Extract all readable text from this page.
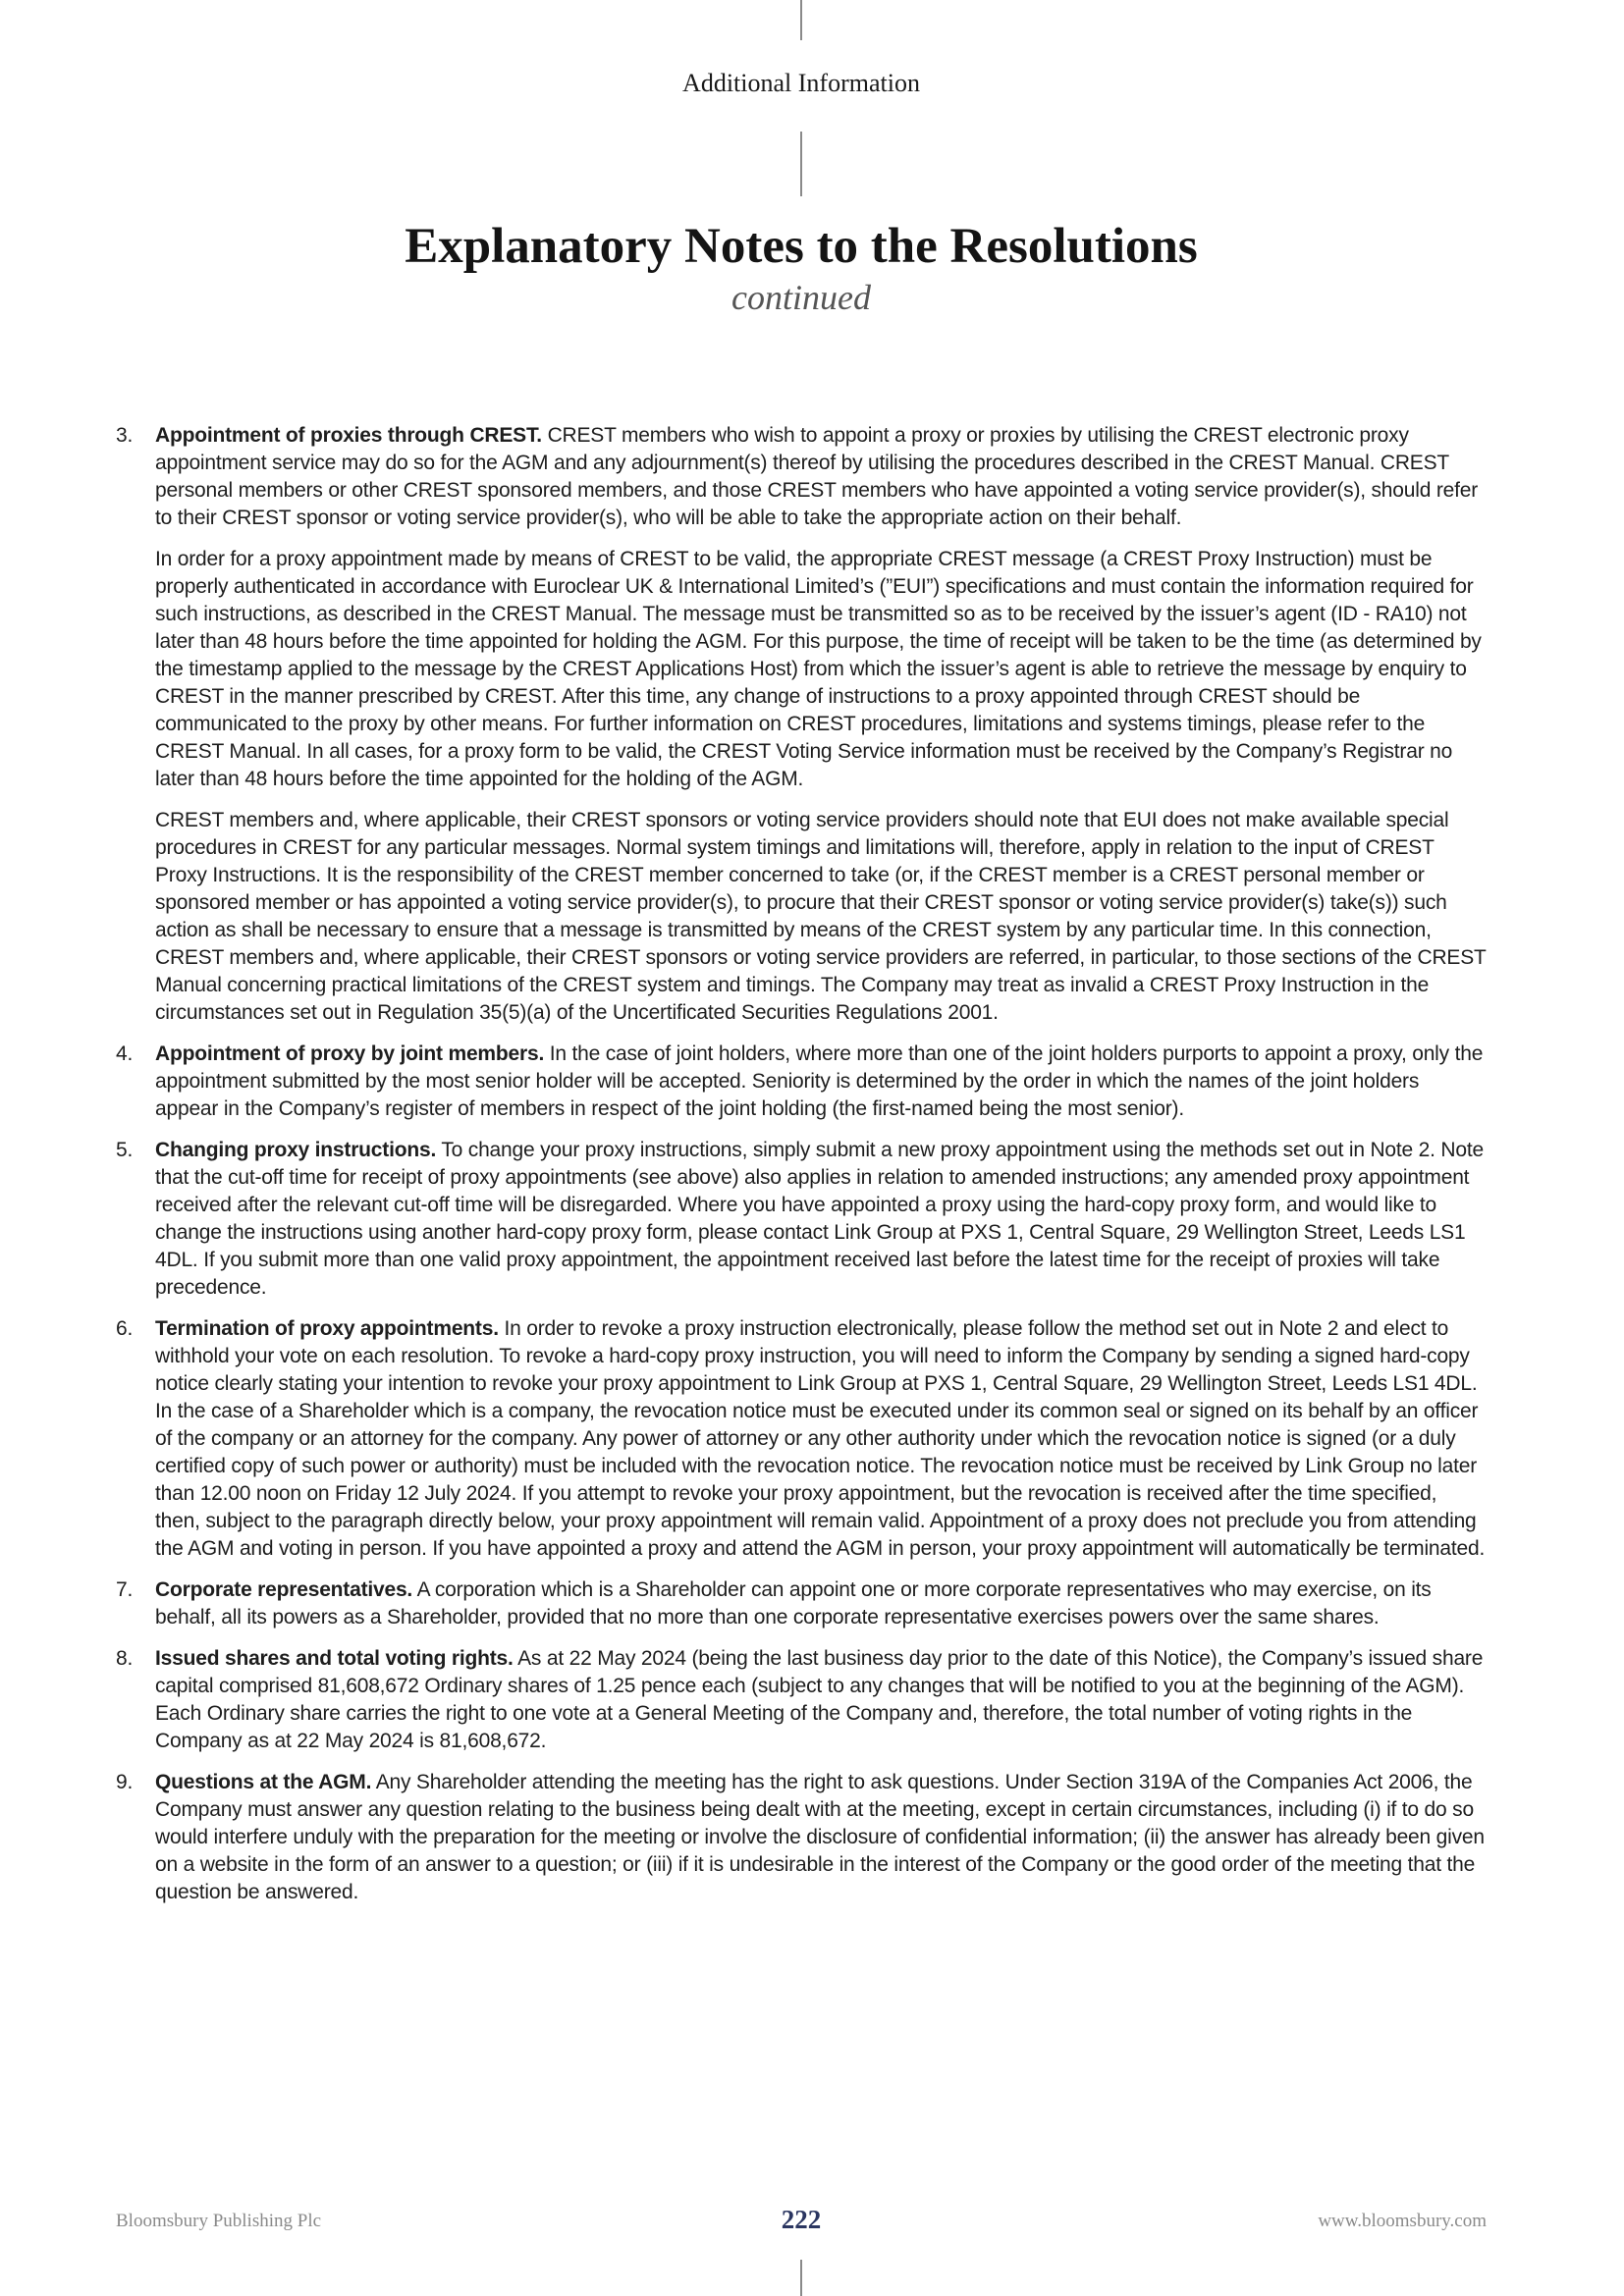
Additional Information
Explanatory Notes to the Resolutions
continued
3. Appointment of proxies through CREST. CREST members who wish to appoint a proxy or proxies by utilising the CREST electronic proxy appointment service may do so for the AGM and any adjournment(s) thereof by utilising the procedures described in the CREST Manual. CREST personal members or other CREST sponsored members, and those CREST members who have appointed a voting service provider(s), should refer to their CREST sponsor or voting service provider(s), who will be able to take the appropriate action on their behalf.

In order for a proxy appointment made by means of CREST to be valid, the appropriate CREST message (a CREST Proxy Instruction) must be properly authenticated in accordance with Euroclear UK & International Limited’s (”EUI”) specifications and must contain the information required for such instructions, as described in the CREST Manual. The message must be transmitted so as to be received by the issuer’s agent (ID - RA10) not later than 48 hours before the time appointed for holding the AGM. For this purpose, the time of receipt will be taken to be the time (as determined by the timestamp applied to the message by the CREST Applications Host) from which the issuer’s agent is able to retrieve the message by enquiry to CREST in the manner prescribed by CREST. After this time, any change of instructions to a proxy appointed through CREST should be communicated to the proxy by other means. For further information on CREST procedures, limitations and systems timings, please refer to the CREST Manual. In all cases, for a proxy form to be valid, the CREST Voting Service information must be received by the Company’s Registrar no later than 48 hours before the time appointed for the holding of the AGM.

CREST members and, where applicable, their CREST sponsors or voting service providers should note that EUI does not make available special procedures in CREST for any particular messages. Normal system timings and limitations will, therefore, apply in relation to the input of CREST Proxy Instructions. It is the responsibility of the CREST member concerned to take (or, if the CREST member is a CREST personal member or sponsored member or has appointed a voting service provider(s), to procure that their CREST sponsor or voting service provider(s) take(s)) such action as shall be necessary to ensure that a message is transmitted by means of the CREST system by any particular time. In this connection, CREST members and, where applicable, their CREST sponsors or voting service providers are referred, in particular, to those sections of the CREST Manual concerning practical limitations of the CREST system and timings. The Company may treat as invalid a CREST Proxy Instruction in the circumstances set out in Regulation 35(5)(a) of the Uncertificated Securities Regulations 2001.

4. Appointment of proxy by joint members. In the case of joint holders, where more than one of the joint holders purports to appoint a proxy, only the appointment submitted by the most senior holder will be accepted. Seniority is determined by the order in which the names of the joint holders appear in the Company’s register of members in respect of the joint holding (the first-named being the most senior).

5. Changing proxy instructions. To change your proxy instructions, simply submit a new proxy appointment using the methods set out in Note 2. Note that the cut-off time for receipt of proxy appointments (see above) also applies in relation to amended instructions; any amended proxy appointment received after the relevant cut-off time will be disregarded. Where you have appointed a proxy using the hard-copy proxy form, and would like to change the instructions using another hard-copy proxy form, please contact Link Group at PXS 1, Central Square, 29 Wellington Street, Leeds LS1 4DL. If you submit more than one valid proxy appointment, the appointment received last before the latest time for the receipt of proxies will take precedence.

6. Termination of proxy appointments. In order to revoke a proxy instruction electronically, please follow the method set out in Note 2 and elect to withhold your vote on each resolution. To revoke a hard-copy proxy instruction, you will need to inform the Company by sending a signed hard-copy notice clearly stating your intention to revoke your proxy appointment to Link Group at PXS 1, Central Square, 29 Wellington Street, Leeds LS1 4DL. In the case of a Shareholder which is a company, the revocation notice must be executed under its common seal or signed on its behalf by an officer of the company or an attorney for the company. Any power of attorney or any other authority under which the revocation notice is signed (or a duly certified copy of such power or authority) must be included with the revocation notice. The revocation notice must be received by Link Group no later than 12.00 noon on Friday 12 July 2024. If you attempt to revoke your proxy appointment, but the revocation is received after the time specified, then, subject to the paragraph directly below, your proxy appointment will remain valid. Appointment of a proxy does not preclude you from attending the AGM and voting in person. If you have appointed a proxy and attend the AGM in person, your proxy appointment will automatically be terminated.

7. Corporate representatives. A corporation which is a Shareholder can appoint one or more corporate representatives who may exercise, on its behalf, all its powers as a Shareholder, provided that no more than one corporate representative exercises powers over the same shares.

8. Issued shares and total voting rights. As at 22 May 2024 (being the last business day prior to the date of this Notice), the Company’s issued share capital comprised 81,608,672 Ordinary shares of 1.25 pence each (subject to any changes that will be notified to you at the beginning of the AGM). Each Ordinary share carries the right to one vote at a General Meeting of the Company and, therefore, the total number of voting rights in the Company as at 22 May 2024 is 81,608,672.

9. Questions at the AGM. Any Shareholder attending the meeting has the right to ask questions. Under Section 319A of the Companies Act 2006, the Company must answer any question relating to the business being dealt with at the meeting, except in certain circumstances, including (i) if to do so would interfere unduly with the preparation for the meeting or involve the disclosure of confidential information; (ii) the answer has already been given on a website in the form of an answer to a question; or (iii) if it is undesirable in the interest of the Company or the good order of the meeting that the question be answered.

Bloomsbury Publishing Plc	222	www.bloomsbury.com
